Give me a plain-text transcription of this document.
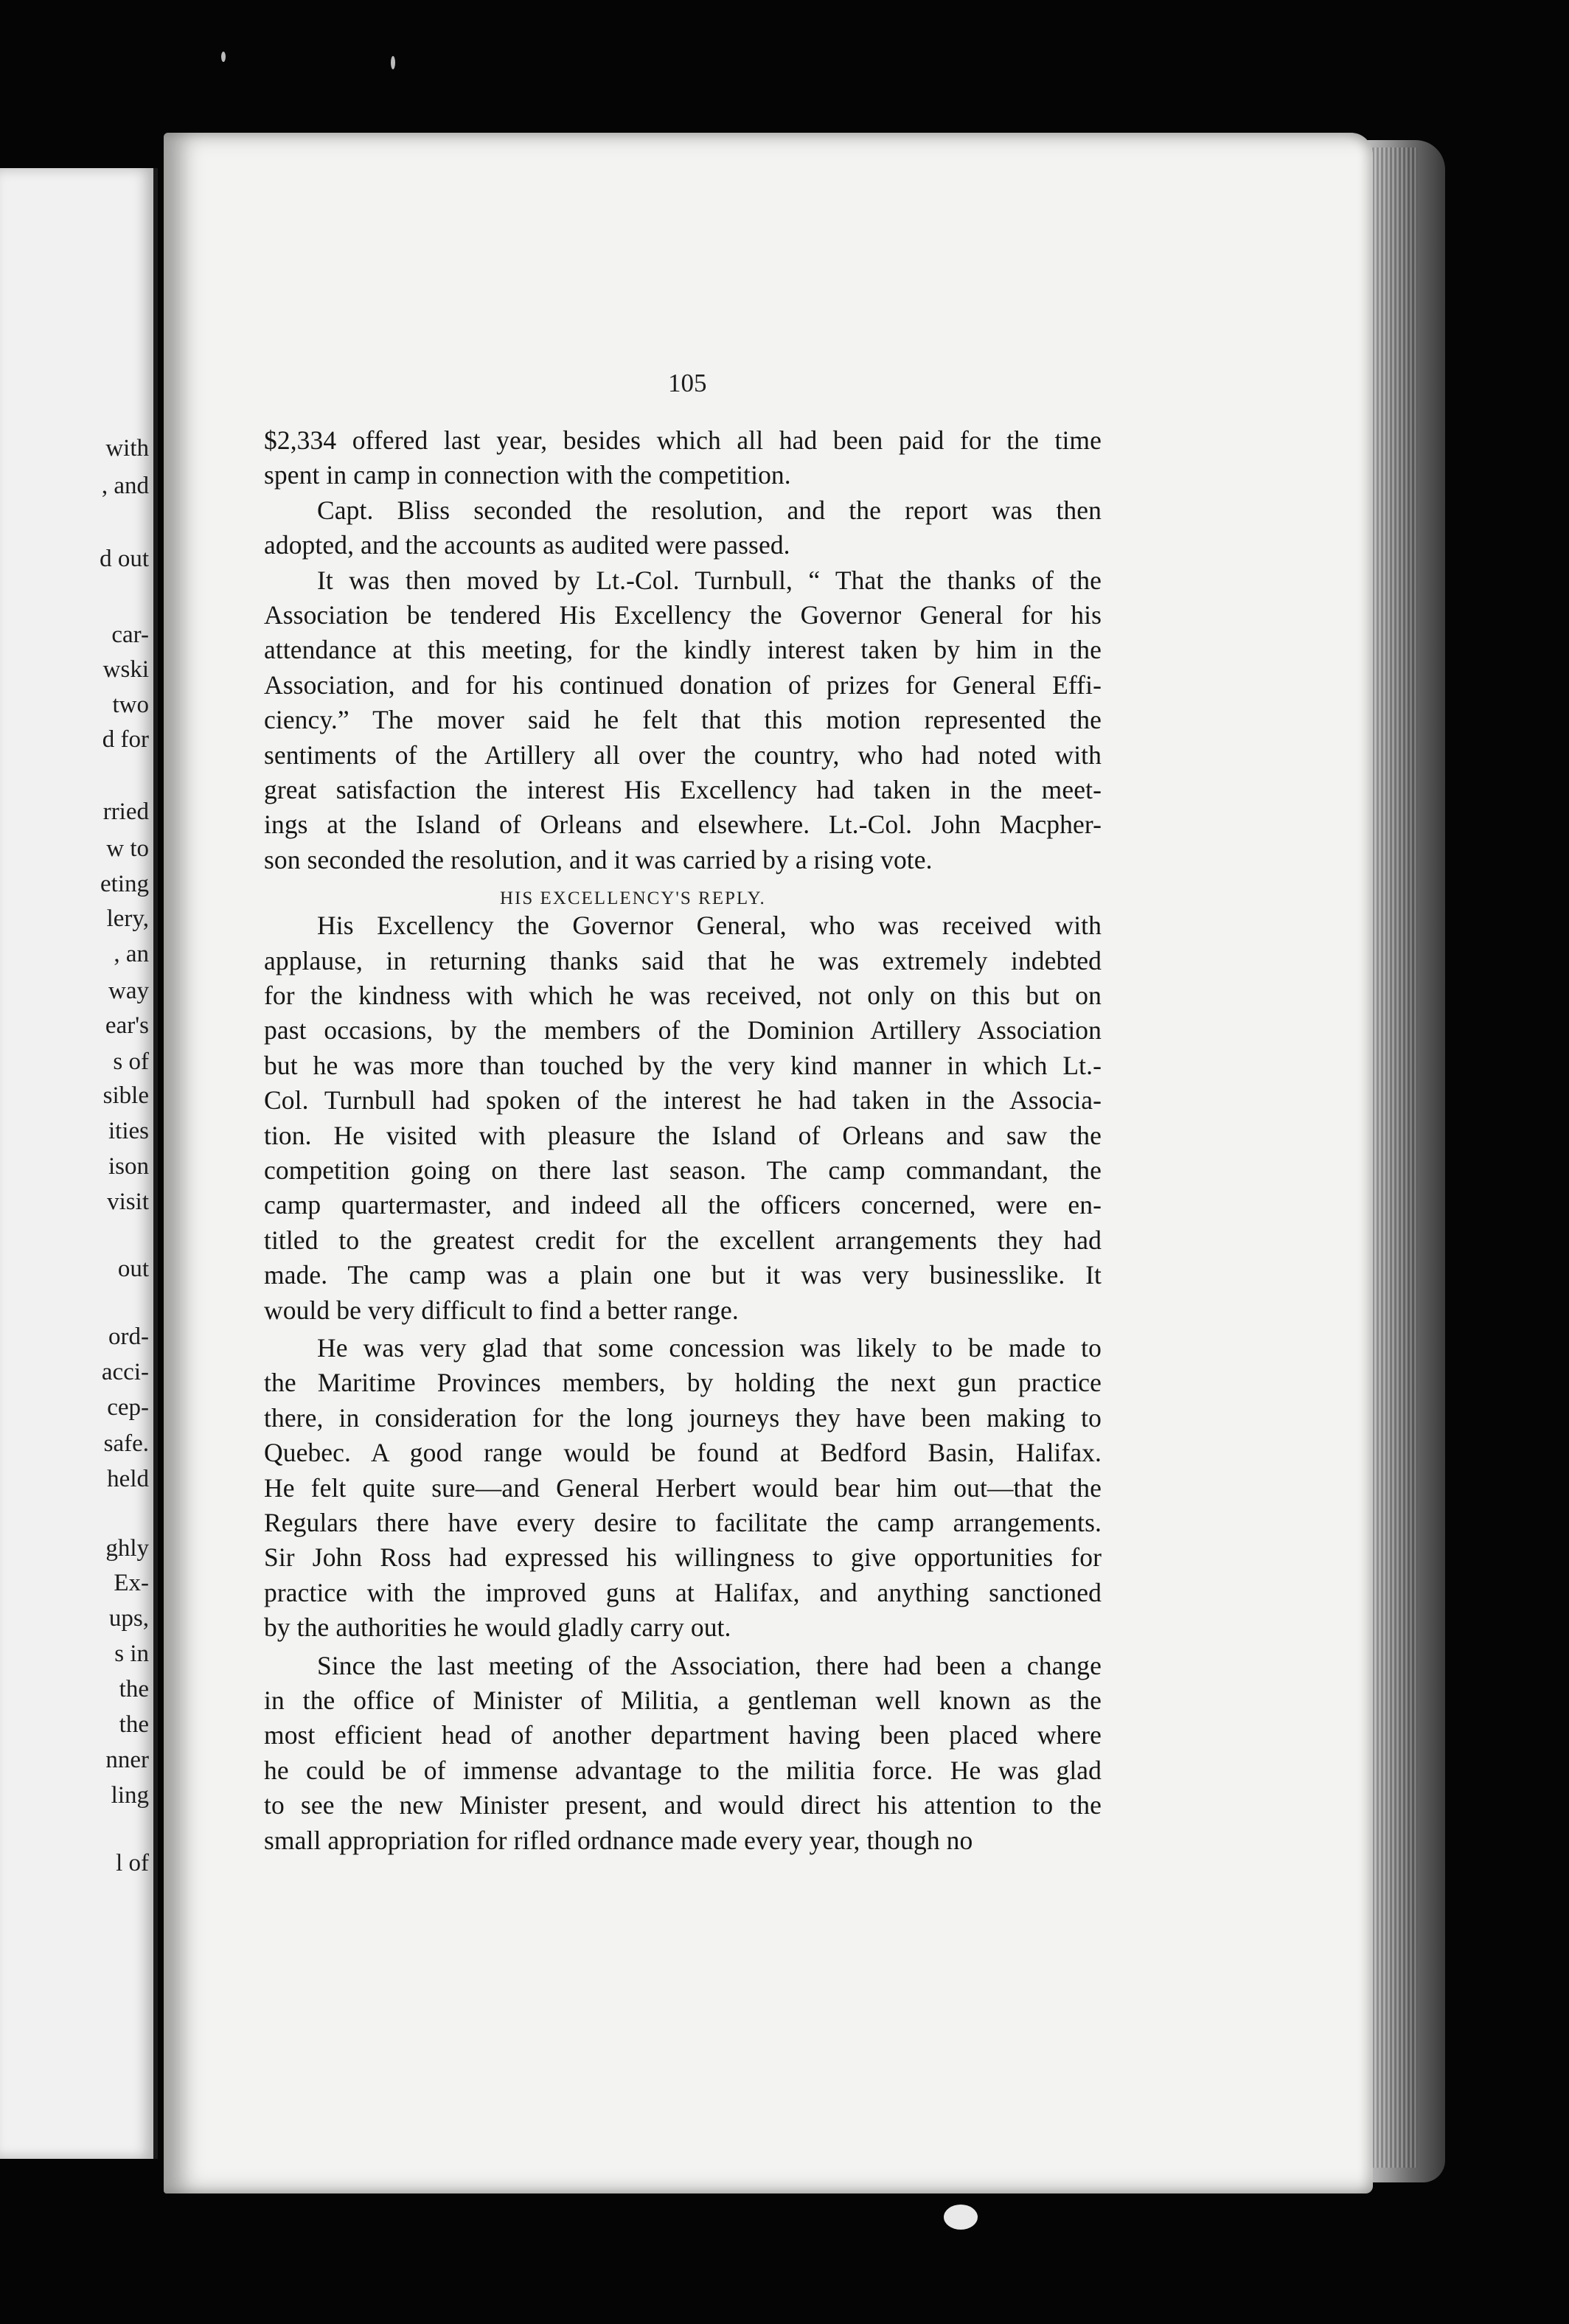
with
, and
d out
car-
wski
two
d for
rried
w to
eting
lery,
, an
way
ear's
s of
sible
ities
ison
visit
out
ord-
acci-
cep-
safe.
held
ghly
Ex-
ups,
s in
the
the
nner
ling
l of
105
$2,334 offered last year, besides which all had been paid for the time
spent in camp in connection with the competition.
Capt. Bliss seconded the resolution, and the report was then
adopted, and the accounts as audited were passed.
It was then moved by Lt.-Col. Turnbull, “ That the thanks of the
Association be tendered His Excellency the Governor General for his
attendance at this meeting, for the kindly interest taken by him in the
Association, and for his continued donation of prizes for General Effi-
ciency.” The mover said he felt that this motion represented the
sentiments of the Artillery all over the country, who had noted with
great satisfaction the interest His Excellency had taken in the meet-
ings at the Island of Orleans and elsewhere. Lt.-Col. John Macpher-
son seconded the resolution, and it was carried by a rising vote.
His Excellency the Governor General, who was received with
applause, in returning thanks said that he was extremely indebted
for the kindness with which he was received, not only on this but on
past occasions, by the members of the Dominion Artillery Association
but he was more than touched by the very kind manner in which Lt.-
Col. Turnbull had spoken of the interest he had taken in the Associa-
tion. He visited with pleasure the Island of Orleans and saw the
competition going on there last season. The camp commandant, the
camp quartermaster, and indeed all the officers concerned, were en-
titled to the greatest credit for the excellent arrangements they had
made. The camp was a plain one but it was very businesslike. It
would be very difficult to find a better range.
He was very glad that some concession was likely to be made to
the Maritime Provinces members, by holding the next gun practice
there, in consideration for the long journeys they have been making to
Quebec. A good range would be found at Bedford Basin, Halifax.
He felt quite sure—and General Herbert would bear him out—that the
Regulars there have every desire to facilitate the camp arrangements.
Sir John Ross had expressed his willingness to give opportunities for
practice with the improved guns at Halifax, and anything sanctioned
by the authorities he would gladly carry out.
Since the last meeting of the Association, there had been a change
in the office of Minister of Militia, a gentleman well known as the
most efficient head of another department having been placed where
he could be of immense advantage to the militia force. He was glad
to see the new Minister present, and would direct his attention to the
small appropriation for rifled ordnance made every year, though no
HIS EXCELLENCY'S REPLY.
